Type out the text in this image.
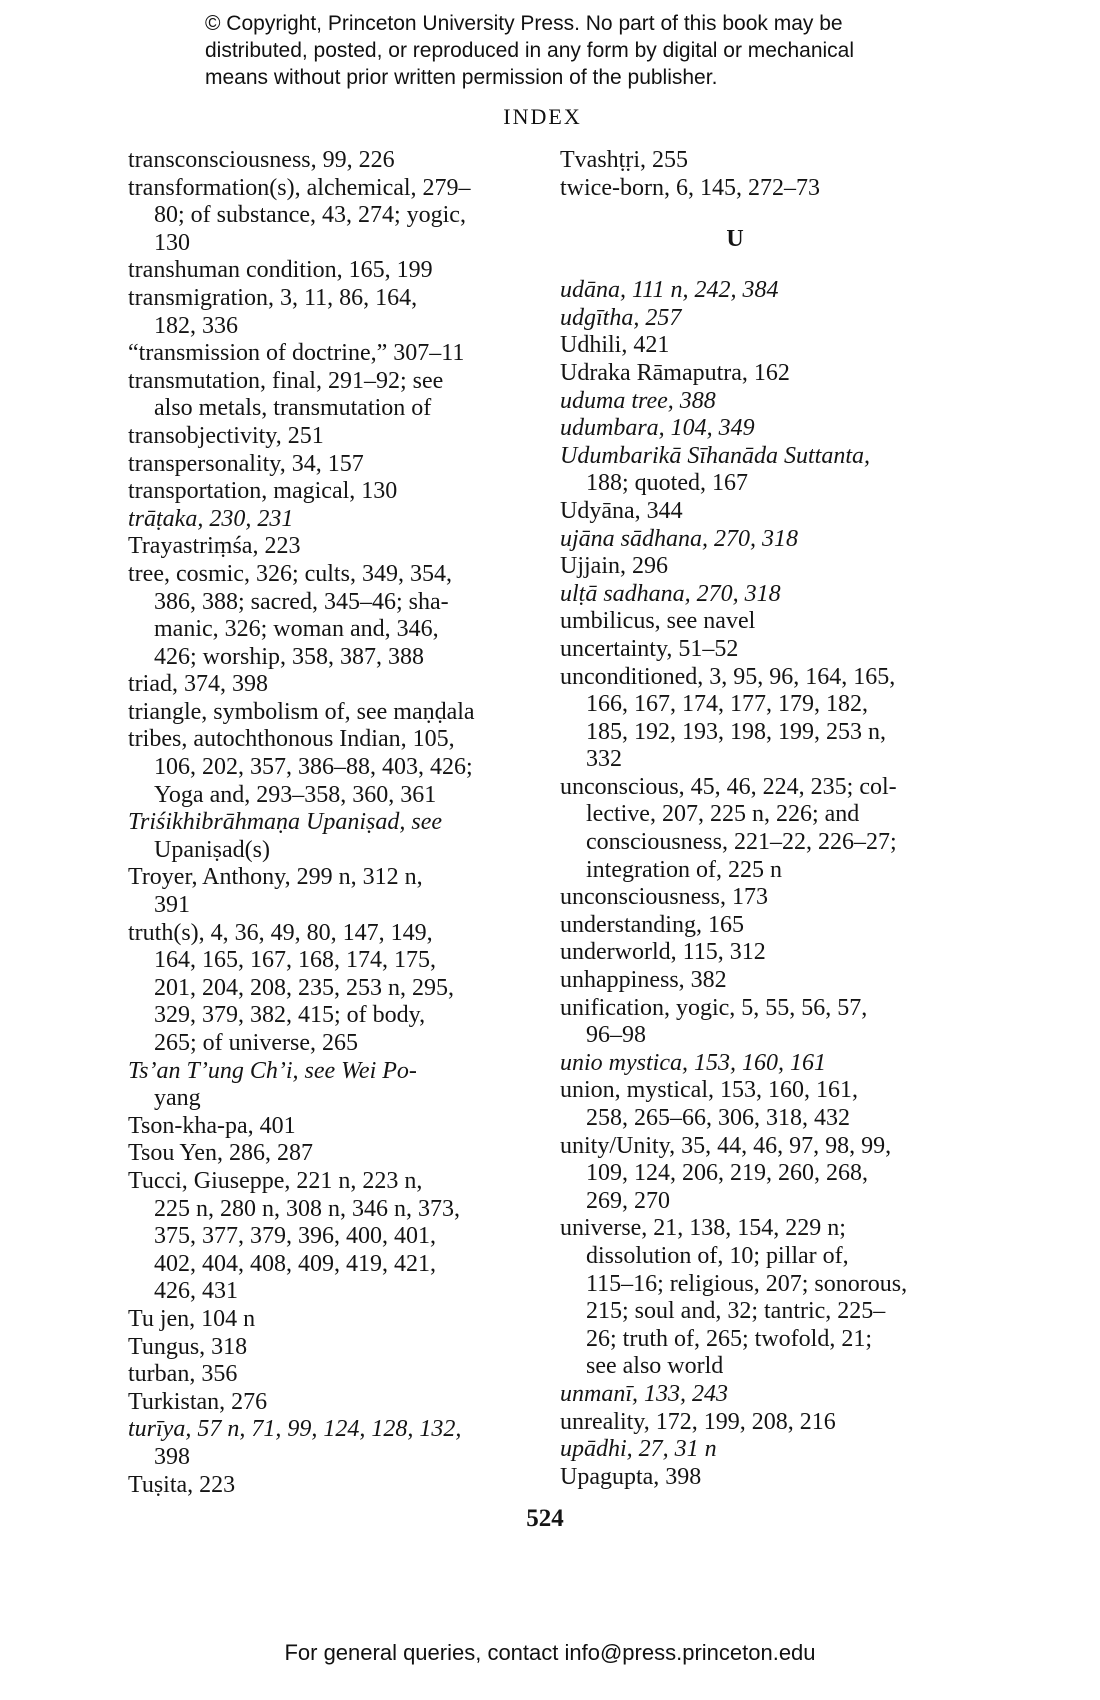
© Copyright, Princeton University Press. No part of this book may be
distributed, posted, or reproduced in any form by digital or mechanical
means without prior written permission of the publisher.
INDEX
transconsciousness, 99, 226
transformation(s), alchemical, 279–
80; of substance, 43, 274; yogic,
130
transhuman condition, 165, 199
transmigration, 3, 11, 86, 164,
182, 336
“transmission of doctrine,” 307–11
transmutation, final, 291–92; see
also metals, transmutation of
transobjectivity, 251
transpersonality, 34, 157
transportation, magical, 130
trāṭaka, 230, 231
Trayastriṃśa, 223
tree, cosmic, 326; cults, 349, 354,
386, 388; sacred, 345–46; sha-
manic, 326; woman and, 346,
426; worship, 358, 387, 388
triad, 374, 398
triangle, symbolism of, see maṇḍala
tribes, autochthonous Indian, 105,
106, 202, 357, 386–88, 403, 426;
Yoga and, 293–358, 360, 361
Triśikhibrāhmaṇa Upaniṣad, see
Upaniṣad(s)
Troyer, Anthony, 299 n, 312 n,
391
truth(s), 4, 36, 49, 80, 147, 149,
164, 165, 167, 168, 174, 175,
201, 204, 208, 235, 253 n, 295,
329, 379, 382, 415; of body,
265; of universe, 265
Ts’an T’ung Ch’i, see Wei Po-
yang
Tson-kha-pa, 401
Tsou Yen, 286, 287
Tucci, Giuseppe, 221 n, 223 n,
225 n, 280 n, 308 n, 346 n, 373,
375, 377, 379, 396, 400, 401,
402, 404, 408, 409, 419, 421,
426, 431
Tu jen, 104 n
Tungus, 318
turban, 356
Turkistan, 276
turīya, 57 n, 71, 99, 124, 128, 132,
398
Tuṣita, 223
Tvashṭṛi, 255
twice-born, 6, 145, 272–73
U
udāna, 111 n, 242, 384
udgītha, 257
Udhili, 421
Udraka Rāmaputra, 162
uduma tree, 388
udumbara, 104, 349
Udumbarikā Sīhanāda Suttanta,
188; quoted, 167
Udyāna, 344
ujāna sādhana, 270, 318
Ujjain, 296
ulṭā sadhana, 270, 318
umbilicus, see navel
uncertainty, 51–52
unconditioned, 3, 95, 96, 164, 165,
166, 167, 174, 177, 179, 182,
185, 192, 193, 198, 199, 253 n,
332
unconscious, 45, 46, 224, 235; col-
lective, 207, 225 n, 226; and
consciousness, 221–22, 226–27;
integration of, 225 n
unconsciousness, 173
understanding, 165
underworld, 115, 312
unhappiness, 382
unification, yogic, 5, 55, 56, 57,
96–98
unio mystica, 153, 160, 161
union, mystical, 153, 160, 161,
258, 265–66, 306, 318, 432
unity/Unity, 35, 44, 46, 97, 98, 99,
109, 124, 206, 219, 260, 268,
269, 270
universe, 21, 138, 154, 229 n;
dissolution of, 10; pillar of,
115–16; religious, 207; sonorous,
215; soul and, 32; tantric, 225–
26; truth of, 265; twofold, 21;
see also world
unmanī, 133, 243
unreality, 172, 199, 208, 216
upādhi, 27, 31 n
Upagupta, 398
524
For general queries, contact info@press.princeton.edu
